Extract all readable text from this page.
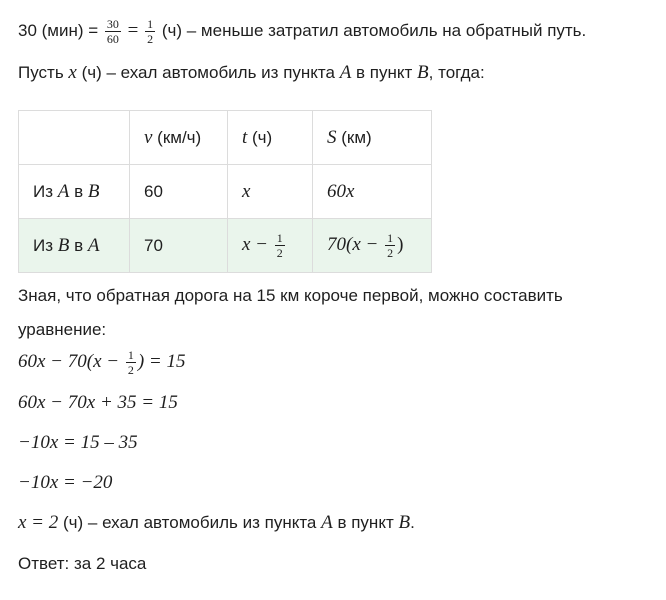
30 $(мин) = \frac{30}{60} = \frac{1}{2} (ч)$ – меньше затратил автомобиль на обратный путь.
Пусть x (ч) – ехал автомобиль из пункта A в пункт B, тогда:
	v (км/ч)	t (ч)	S (км)
Из A в B	60	x	60x
Из B в A	70	$x - \frac{1}{2}$	$70(x - \frac{1}{2}$ )
Зная, что обратная дорога на 15 км короче первой, можно составить
уравнение:
$60x - 70(x - \frac{1}{2}$ ) = 15
60x − 70x + 35 = 15
−10x = 15 – 35
−10x = −20
x = 2 (ч) – ехал автомобиль из пункта A в пункт B.
Ответ: за 2 часа
